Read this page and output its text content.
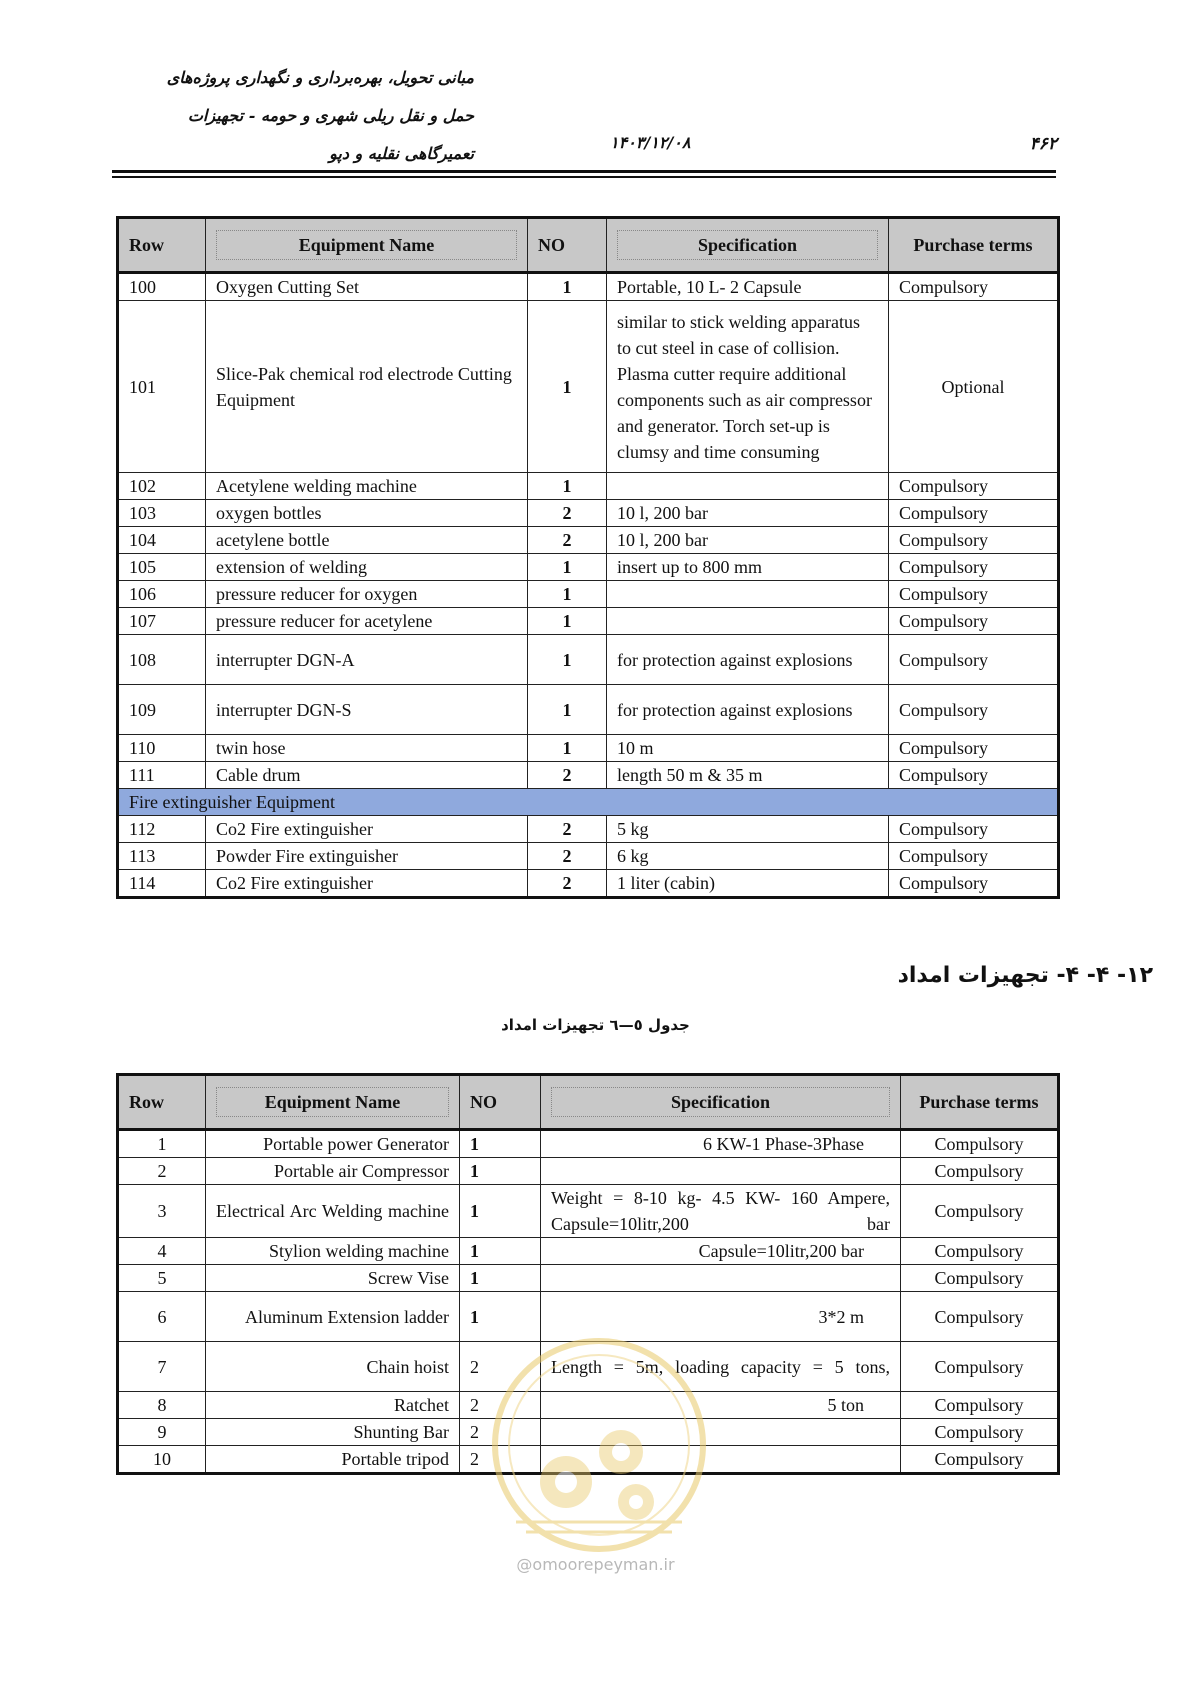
مبانی تحویل، بهره‌برداری و نگهداری پروژه‌های
حمل و نقل ریلی شهری و حومه - تجهیزات
تعمیرگاهی نقلیه و دپو
۱۴۰۳/۱۲/۰۸	۴۶۲
Row	Equipment Name	NO	Specification	Purchase terms
100	Oxygen Cutting Set	1	Portable, 10 L- 2 Capsule	Compulsory
101	Slice-Pak chemical rod electrode Cutting Equipment	1	similar to stick welding apparatus to cut steel in case of collision. Plasma cutter require additional components such as air compressor and generator. Torch set-up is clumsy and time consuming	Optional
102	Acetylene welding machine	1		Compulsory
103	oxygen bottles	2	10 l, 200 bar	Compulsory
104	acetylene bottle	2	10 l, 200 bar	Compulsory
105	extension of welding	1	insert up to 800 mm	Compulsory
106	pressure reducer for oxygen	1		Compulsory
107	pressure reducer for acetylene	1		Compulsory
108	interrupter DGN-A	1	for protection against explosions	Compulsory
109	interrupter DGN-S	1	for protection against explosions	Compulsory
110	twin hose	1	10 m	Compulsory
111	Cable drum	2	length 50 m & 35 m	Compulsory
Fire extinguisher Equipment				
112	Co2 Fire extinguisher	2	5 kg	Compulsory
113	Powder Fire extinguisher	2	6 kg	Compulsory
114	Co2 Fire extinguisher	2	1 liter (cabin)	Compulsory
۱۲- ۴- ۴- تجهیزات امداد
جدول ٥—٦ تجهیزات امداد
Row	Equipment Name	NO	Specification	Purchase terms
1	Portable power Generator	1	6 KW-1 Phase-3Phase	Compulsory
2	Portable air Compressor	1		Compulsory
3	Electrical Arc Welding machine	1	Weight = 8-10 kg- 4.5 KW- 160 Ampere, Capsule=10litr,200 bar	Compulsory
4	Stylion welding machine	1	Capsule=10litr,200 bar	Compulsory
5	Screw Vise	1		Compulsory
6	Aluminum Extension ladder	1	3*2 m	Compulsory
7	Chain hoist	2	Length = 5m, loading capacity = 5 tons,	Compulsory
8	Ratchet	2	5 ton	Compulsory
9	Shunting Bar	2		Compulsory
10	Portable tripod	2		Compulsory
@omoorepeyman.ir
